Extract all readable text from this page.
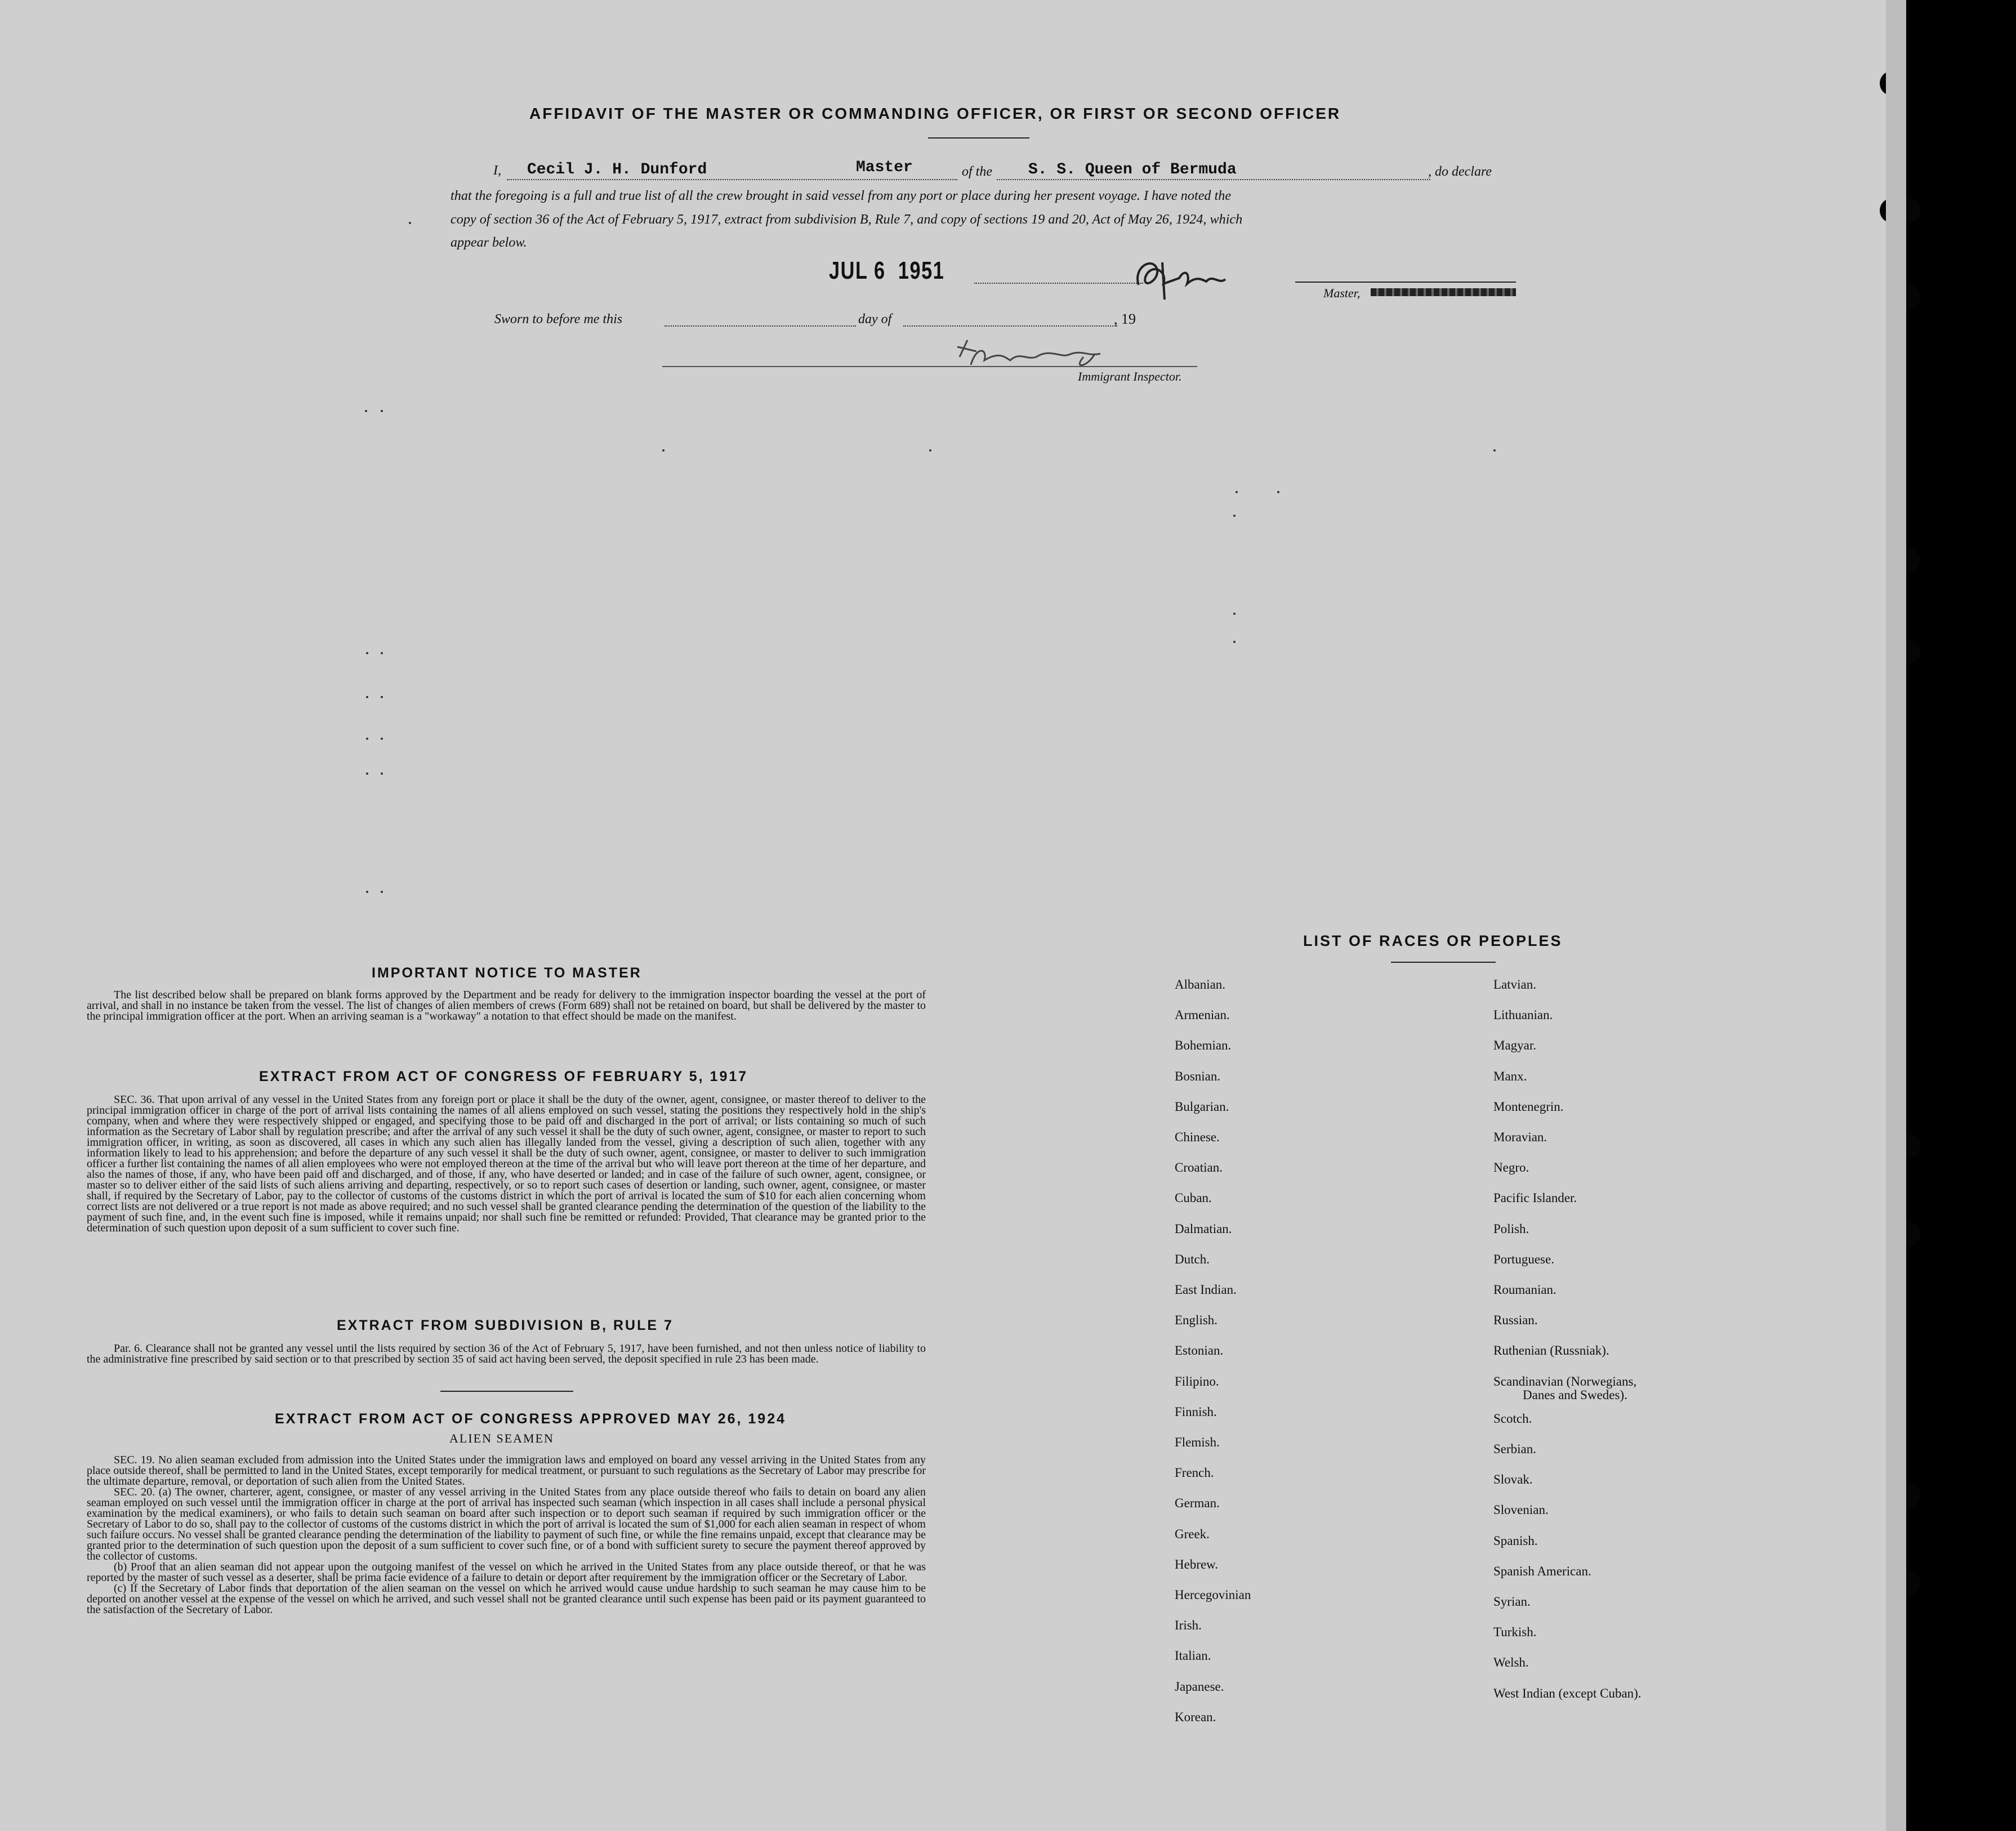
AFFIDAVIT OF THE MASTER OR COMMANDING OFFICER, OR FIRST OR SECOND OFFICER
I, Cecil J. H. Dunford	Master	of the S. S. Queen of Bermuda	, do declare
that the foregoing is a full and true list of all the crew brought in said vessel from any port or place during her present voyage. I have noted the
copy of section 36 of the Act of February 5, 1917, extract from subdivision B, Rule 7, and copy of sections 19 and 20, Act of May 26, 1924, which
appear below.
JUL 6  1951
Master,
Sworn to before me this	day of	, 19
Immigrant Inspector.
IMPORTANT NOTICE TO MASTER

The list described below shall be prepared on blank forms approved by the Department and be ready for delivery to the immigration inspector boarding the vessel at the port of arrival, and shall in no instance be taken from the vessel. The list of changes of alien members of crews (Form 689) shall not be retained on board, but shall be delivered by the master to the principal immigration officer at the port. When an arriving seaman is a "workaway" a notation to that effect should be made on the manifest.

EXTRACT FROM ACT OF CONGRESS OF FEBRUARY 5, 1917

SEC. 36. That upon arrival of any vessel in the United States from any foreign port or place it shall be the duty of the owner, agent, consignee, or master thereof to deliver to the principal immigration officer in charge of the port of arrival lists containing the names of all aliens employed on such vessel, stating the positions they respectively hold in the ship's company, when and where they were respectively shipped or engaged, and specifying those to be paid off and discharged in the port of arrival; or lists containing so much of such information as the Secretary of Labor shall by regulation prescribe; and after the arrival of any such vessel it shall be the duty of such owner, agent, consignee, or master to report to such immigration officer, in writing, as soon as discovered, all cases in which any such alien has illegally landed from the vessel, giving a description of such alien, together with any information likely to lead to his apprehension; and before the departure of any such vessel it shall be the duty of such owner, agent, consignee, or master to deliver to such immigration officer a further list containing the names of all alien employees who were not employed thereon at the time of the arrival but who will leave port thereon at the time of her departure, and also the names of those, if any, who have been paid off and discharged, and of those, if any, who have deserted or landed; and in case of the failure of such owner, agent, consignee, or master so to deliver either of the said lists of such aliens arriving and departing, respectively, or so to report such cases of desertion or landing, such owner, agent, consignee, or master shall, if required by the Secretary of Labor, pay to the collector of customs of the customs district in which the port of arrival is located the sum of $10 for each alien concerning whom correct lists are not delivered or a true report is not made as above required; and no such vessel shall be granted clearance pending the determination of the question of the liability to the payment of such fine, and, in the event such fine is imposed, while it remains unpaid; nor shall such fine be remitted or refunded: Provided, That clearance may be granted prior to the determination of such question upon deposit of a sum sufficient to cover such fine.

EXTRACT FROM SUBDIVISION B, RULE 7

Par. 6. Clearance shall not be granted any vessel until the lists required by section 36 of the Act of February 5, 1917, have been furnished, and not then unless notice of liability to the administrative fine prescribed by said section or to that prescribed by section 35 of said act having been served, the deposit specified in rule 23 has been made.

EXTRACT FROM ACT OF CONGRESS APPROVED MAY 26, 1924
ALIEN SEAMEN

SEC. 19. No alien seaman excluded from admission into the United States under the immigration laws and employed on board any vessel arriving in the United States from any place outside thereof, shall be permitted to land in the United States, except temporarily for medical treatment, or pursuant to such regulations as the Secretary of Labor may prescribe for the ultimate departure, removal, or deportation of such alien from the United States.

SEC. 20. (a) The owner, charterer, agent, consignee, or master of any vessel arriving in the United States from any place outside thereof who fails to detain on board any alien seaman employed on such vessel until the immigration officer in charge at the port of arrival has inspected such seaman (which inspection in all cases shall include a personal physical examination by the medical examiners), or who fails to detain such seaman on board after such inspection or to deport such seaman if required by such immigration officer or the Secretary of Labor to do so, shall pay to the collector of customs of the customs district in which the port of arrival is located the sum of $1,000 for each alien seaman in respect of whom such failure occurs. No vessel shall be granted clearance pending the determination of the liability to payment of such fine, or while the fine remains unpaid, except that clearance may be granted prior to the determination of such question upon the deposit of a sum sufficient to cover such fine, or of a bond with sufficient surety to secure the payment thereof approved by the collector of customs.

(b) Proof that an alien seaman did not appear upon the outgoing manifest of the vessel on which he arrived in the United States from any place outside thereof, or that he was reported by the master of such vessel as a deserter, shall be prima facie evidence of a failure to detain or deport after requirement by the immigration officer or the Secretary of Labor.

(c) If the Secretary of Labor finds that deportation of the alien seaman on the vessel on which he arrived would cause undue hardship to such seaman he may cause him to be deported on another vessel at the expense of the vessel on which he arrived, and such vessel shall not be granted clearance until such expense has been paid or its payment guaranteed to the satisfaction of the Secretary of Labor.

LIST OF RACES OR PEOPLES
Albanian.
Armenian.
Bohemian.
Bosnian.
Bulgarian.
Chinese.
Croatian.
Cuban.
Dalmatian.
Dutch.
East Indian.
English.
Estonian.
Filipino.
Finnish.
Flemish.
French.
German.
Greek.
Hebrew.
Hercegovinian
Irish.
Italian.
Japanese.
Korean.
Latvian.
Lithuanian.
Magyar.
Manx.
Montenegrin.
Moravian.
Negro.
Pacific Islander.
Polish.
Portuguese.
Roumanian.
Russian.
Ruthenian (Russniak).
Scandinavian (Norwegians,
Danes and Swedes).
Scotch.
Serbian.
Slovak.
Slovenian.
Spanish.
Spanish American.
Syrian.
Turkish.
Welsh.
West Indian (except Cuban).
